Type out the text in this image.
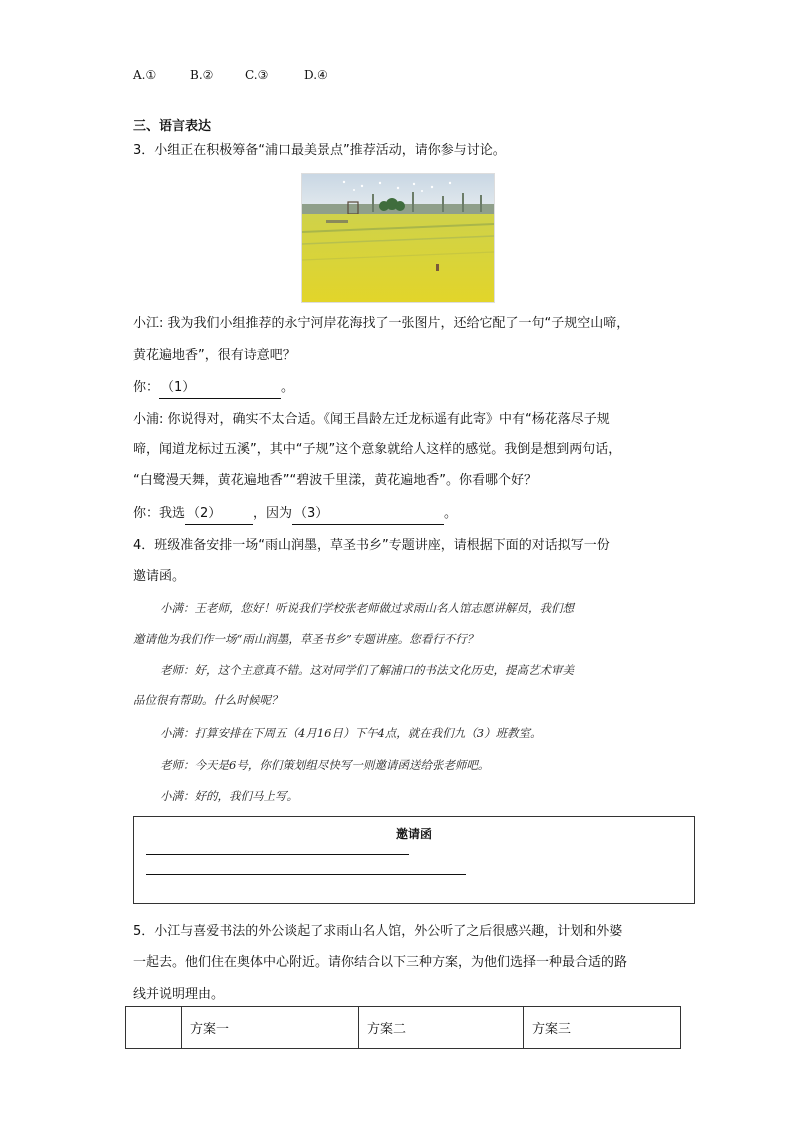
A.①	B.②	C.③	D.④
三、语言表达
3．小组正在积极筹备“浦口最美景点”推荐活动，请你参与讨论。
小江: 我为我们小组推荐的永宁河岸花海找了一张图片，还给它配了一句“子规空山啼，
黄花遍地香”，很有诗意吧？
你： （1）	。
小浦: 你说得对，确实不太合适。《闻王昌龄左迁龙标遥有此寄》中有“杨花落尽子规
啼，闻道龙标过五溪”，其中“子规”这个意象就给人这样的感觉。我倒是想到两句话，
“白鹭漫天舞，黄花遍地香”“碧波千里漾，黄花遍地香”。你看哪个好？
你：我选 （2） ，因为 （3）	。
4．班级准备安排一场“雨山润墨，草圣书乡”专题讲座，请根据下面的对话拟写一份
邀请函。
小满：王老师，您好！听说我们学校张老师做过求雨山名人馆志愿讲解员，我们想
邀请他为我们作一场“雨山润墨，草圣书乡”专题讲座。您看行不行？
老师：好，这个主意真不错。这对同学们了解浦口的书法文化历史，提高艺术审美
品位很有帮助。什么时候呢？
小满：打算安排在下周五（4月16日）下午4点，就在我们九（3）班教室。
老师：今天是6号，你们策划组尽快写一则邀请函送给张老师吧。
小满：好的，我们马上写。
邀请函
5．小江与喜爱书法的外公谈起了求雨山名人馆，外公听了之后很感兴趣，计划和外婆
一起去。他们住在奥体中心附近。请你结合以下三种方案，为他们选择一种最合适的路
线并说明理由。
	方案一	方案二	方案三
